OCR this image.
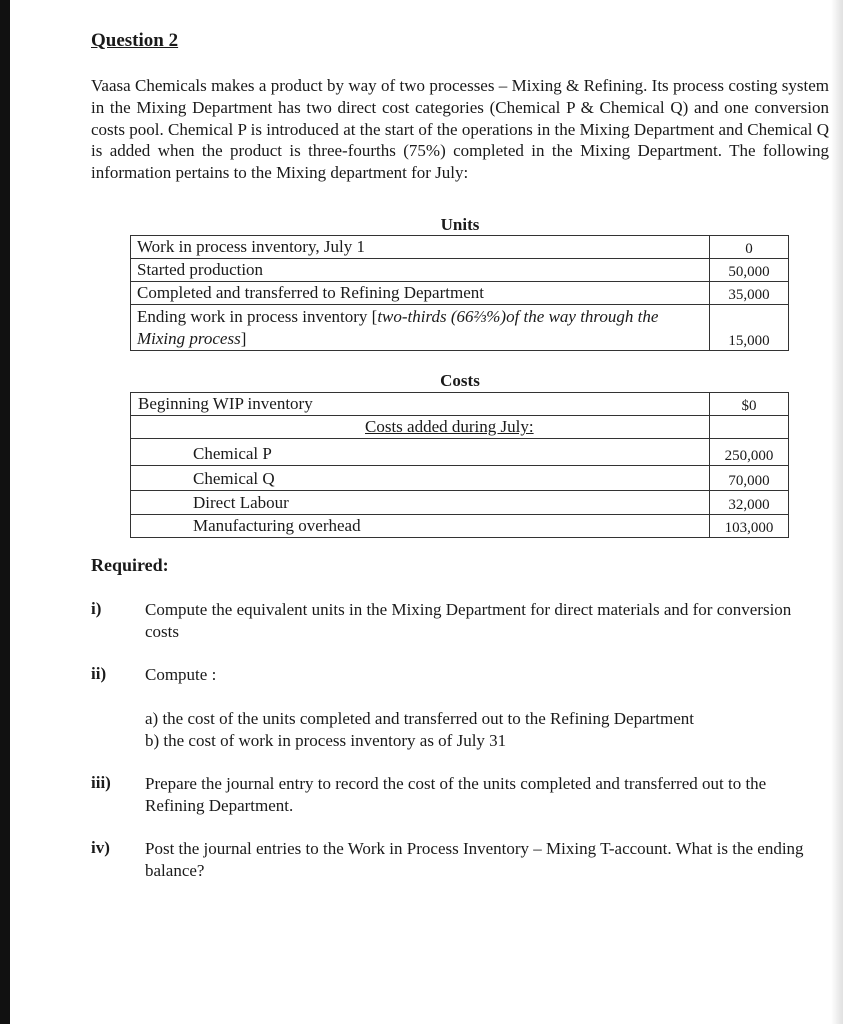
Question 2

Vaasa Chemicals makes a product by way of two processes – Mixing & Refining. Its process costing system in the Mixing Department has two direct cost categories (Chemical P & Chemical Q) and one conversion costs pool. Chemical P is introduced at the start of the operations in the Mixing Department and Chemical Q is added when the product is three-fourths (75%) completed in the Mixing Department. The following information pertains to the Mixing department for July:

Units
Work in process inventory, July 1	0
Started production	50,000
Completed and transferred to Refining Department	35,000
Ending work in process inventory [two-thirds (66⅔%)of the way through the Mixing process]	15,000
Costs
Beginning WIP inventory	$0
Costs added during July:	
Chemical P	250,000
Chemical Q	70,000
Direct Labour	32,000
Manufacturing overhead	103,000
Required:
i)	Compute the equivalent units in the Mixing Department for direct materials and for conversion costs

ii) Compute :

a) the cost of the units completed and transferred out to the Refining Department
b) the cost of work in process inventory as of July 31
iii) Prepare the journal entry to record the cost of the units completed and transferred out to the Refining Department.

iv) Post the journal entries to the Work in Process Inventory – Mixing T-account. What is the ending balance?
